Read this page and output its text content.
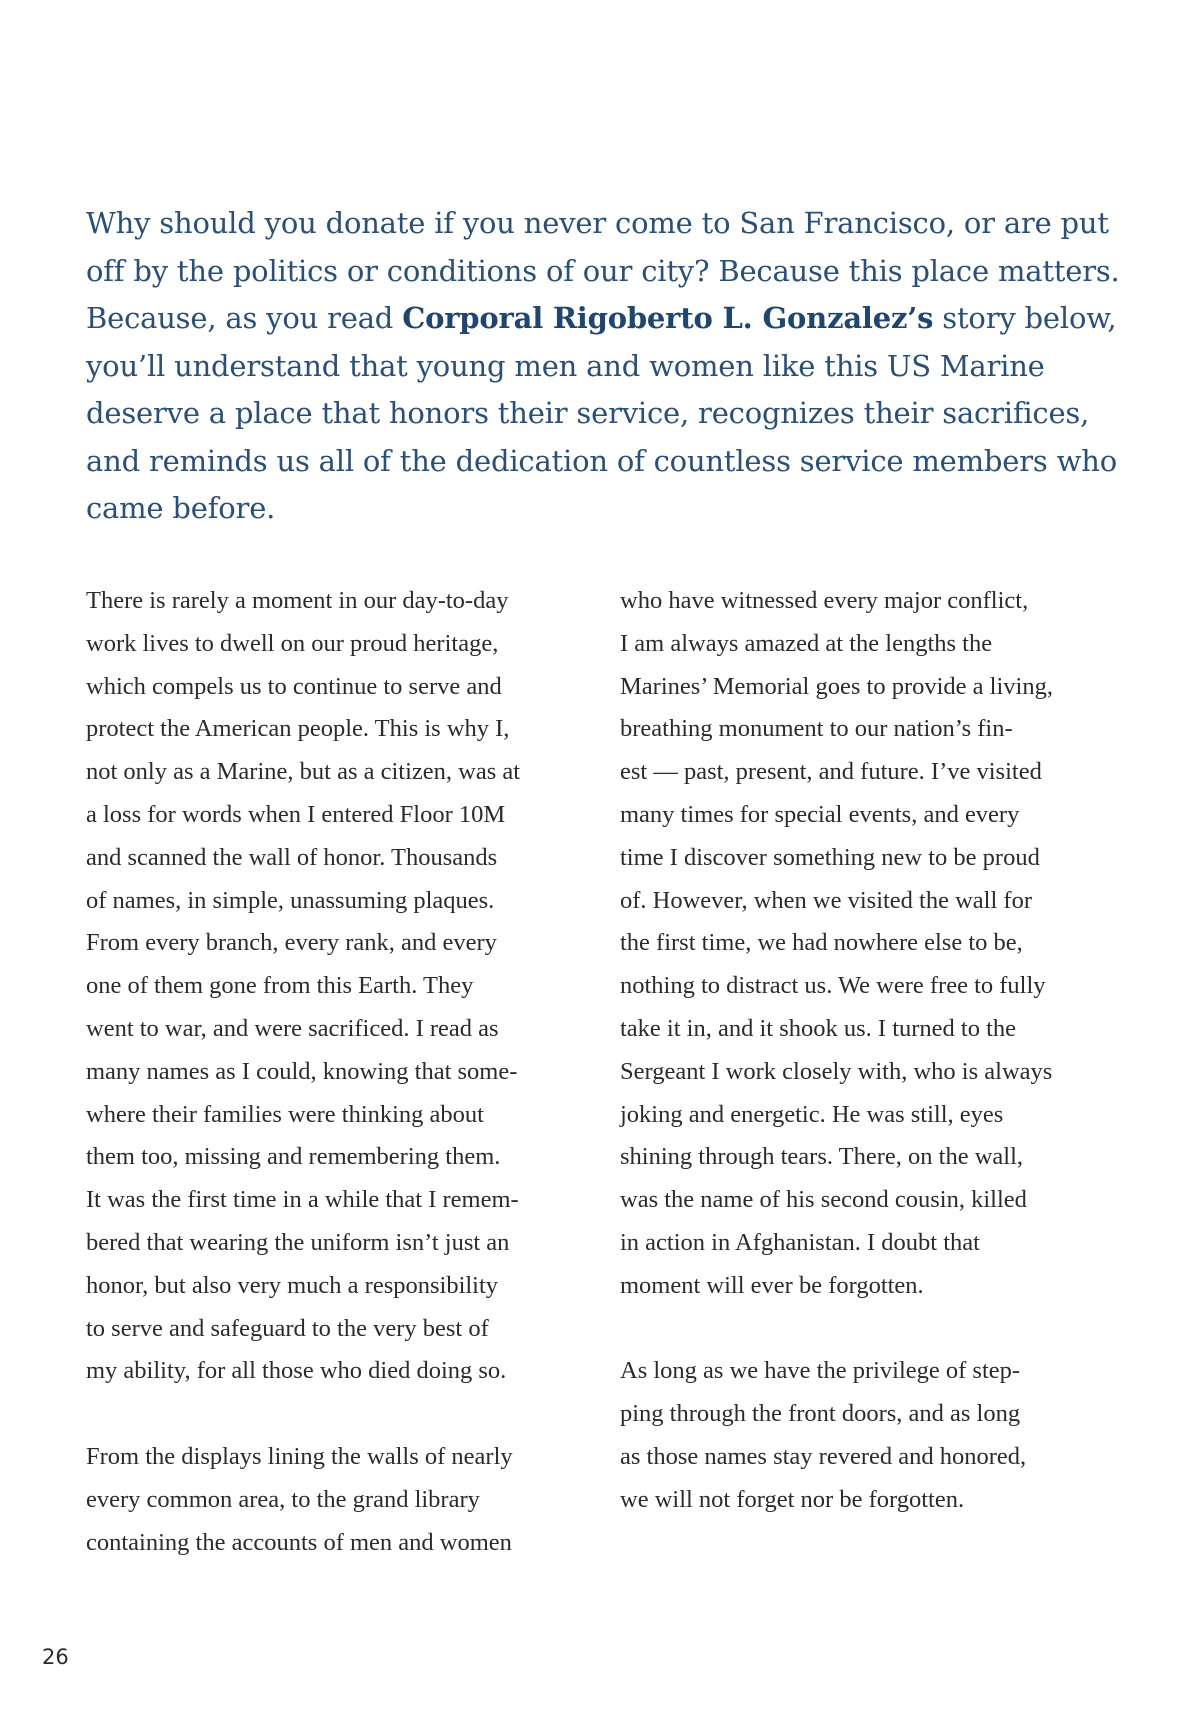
Why should you donate if you never come to San Francisco, or are put off by the politics or conditions of our city? Because this place matters. Because, as you read Corporal Rigoberto L. Gonzalez’s story below, you’ll understand that young men and women like this US Marine deserve a place that honors their service, recognizes their sacrifices, and reminds us all of the dedication of countless service members who came before.

There is rarely a moment in our day-to-day
work lives to dwell on our proud heritage,
which compels us to continue to serve and
protect the American people. This is why I,
not only as a Marine, but as a citizen, was at
a loss for words when I entered Floor 10M
and scanned the wall of honor. Thousands
of names, in simple, unassuming plaques.
From every branch, every rank, and every
one of them gone from this Earth. They
went to war, and were sacrificed. I read as
many names as I could, knowing that some-
where their families were thinking about
them too, missing and remembering them.
It was the first time in a while that I remem-
bered that wearing the uniform isn’t just an
honor, but also very much a responsibility
to serve and safeguard to the very best of
my ability, for all those who died doing so.

From the displays lining the walls of nearly
every common area, to the grand library
containing the accounts of men and women

who have witnessed every major conflict,
I am always amazed at the lengths the
Marines’ Memorial goes to provide a living,
breathing monument to our nation’s fin-
est — past, present, and future. I’ve visited
many times for special events, and every
time I discover something new to be proud
of. However, when we visited the wall for
the first time, we had nowhere else to be,
nothing to distract us. We were free to fully
take it in, and it shook us. I turned to the
Sergeant I work closely with, who is always
joking and energetic. He was still, eyes
shining through tears. There, on the wall,
was the name of his second cousin, killed
in action in Afghanistan. I doubt that
moment will ever be forgotten.

As long as we have the privilege of step-
ping through the front doors, and as long
as those names stay revered and honored,
we will not forget nor be forgotten.

26
